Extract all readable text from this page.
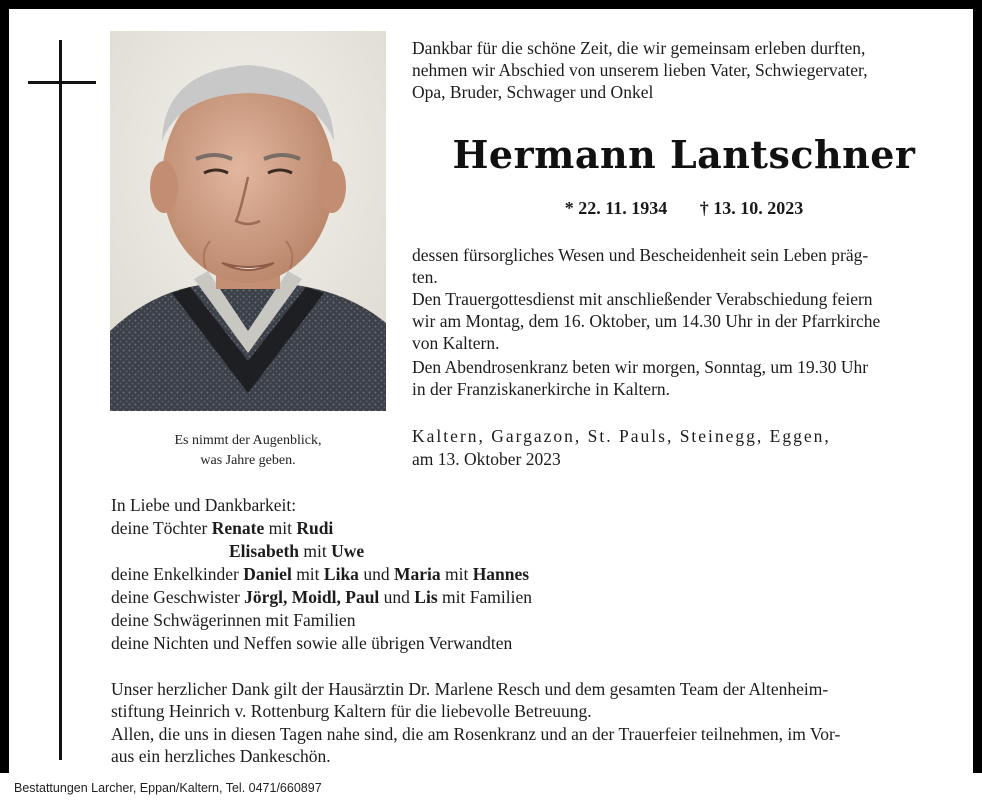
Es nimmt der Augenblick,
was Jahre geben.
Dankbar für die schöne Zeit, die wir gemeinsam erleben durften,
nehmen wir Abschied von unserem lieben Vater, Schwiegervater,
Opa, Bruder, Schwager und Onkel
Hermann Lantschner
* 22. 11. 1934 † 13. 10. 2023
dessen fürsorgliches Wesen und Bescheidenheit sein Leben präg-
ten.
Den Trauergottesdienst mit anschließender Verabschiedung feiern
wir am Montag, dem 16. Oktober, um 14.30 Uhr in der Pfarrkirche
von Kaltern.
Den Abendrosenkranz beten wir morgen, Sonntag, um 19.30 Uhr
in der Franziskanerkirche in Kaltern.
Kaltern, Gargazon, St. Pauls, Steinegg, Eggen,
am 13. Oktober 2023
In Liebe und Dankbarkeit:
deine Töchter Renate mit Rudi
Elisabeth mit Uwe
deine Enkelkinder Daniel mit Lika und Maria mit Hannes
deine Geschwister Jörgl, Moidl, Paul und Lis mit Familien
deine Schwägerinnen mit Familien
deine Nichten und Neffen sowie alle übrigen Verwandten
Unser herzlicher Dank gilt der Hausärztin Dr. Marlene Resch und dem gesamten Team der Altenheim-
stiftung Heinrich v. Rottenburg Kaltern für die liebevolle Betreuung.
Allen, die uns in diesen Tagen nahe sind, die am Rosenkranz und an der Trauerfeier teilnehmen, im Vor-
aus ein herzliches Dankeschön.
Bestattungen Larcher, Eppan/Kaltern, Tel. 0471/660897
